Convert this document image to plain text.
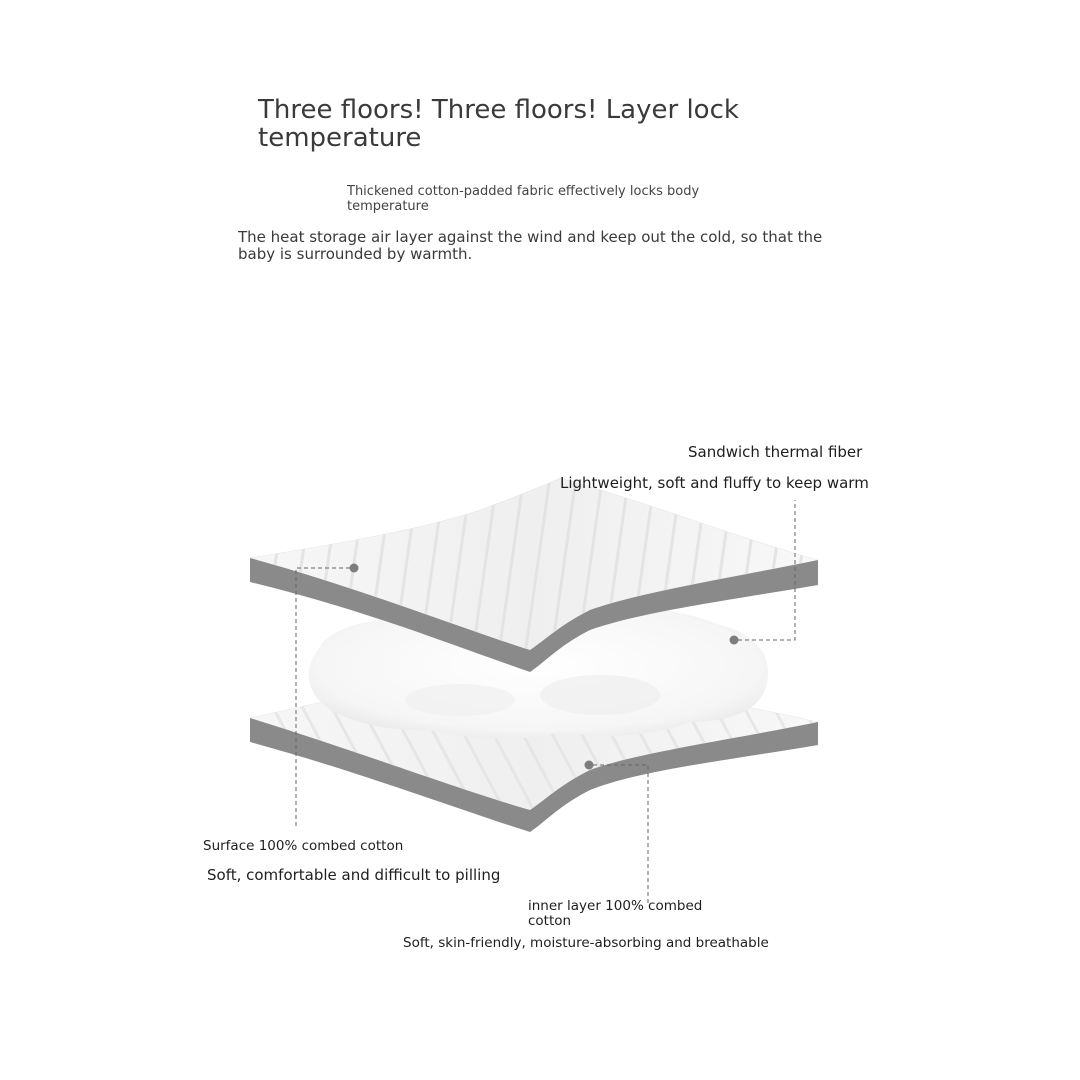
Three floors! Three floors! Layer lock temperature
Thickened cotton-padded fabric effectively locks body temperature
The heat storage air layer against the wind and keep out the cold, so that the baby is surrounded by warmth.
Sandwich thermal fiber
Lightweight, soft and fluffy to keep warm
Surface 100% combed cotton
Soft, comfortable and difficult to pilling
inner layer 100% combed cotton
Soft, skin-friendly, moisture-absorbing and breathable
